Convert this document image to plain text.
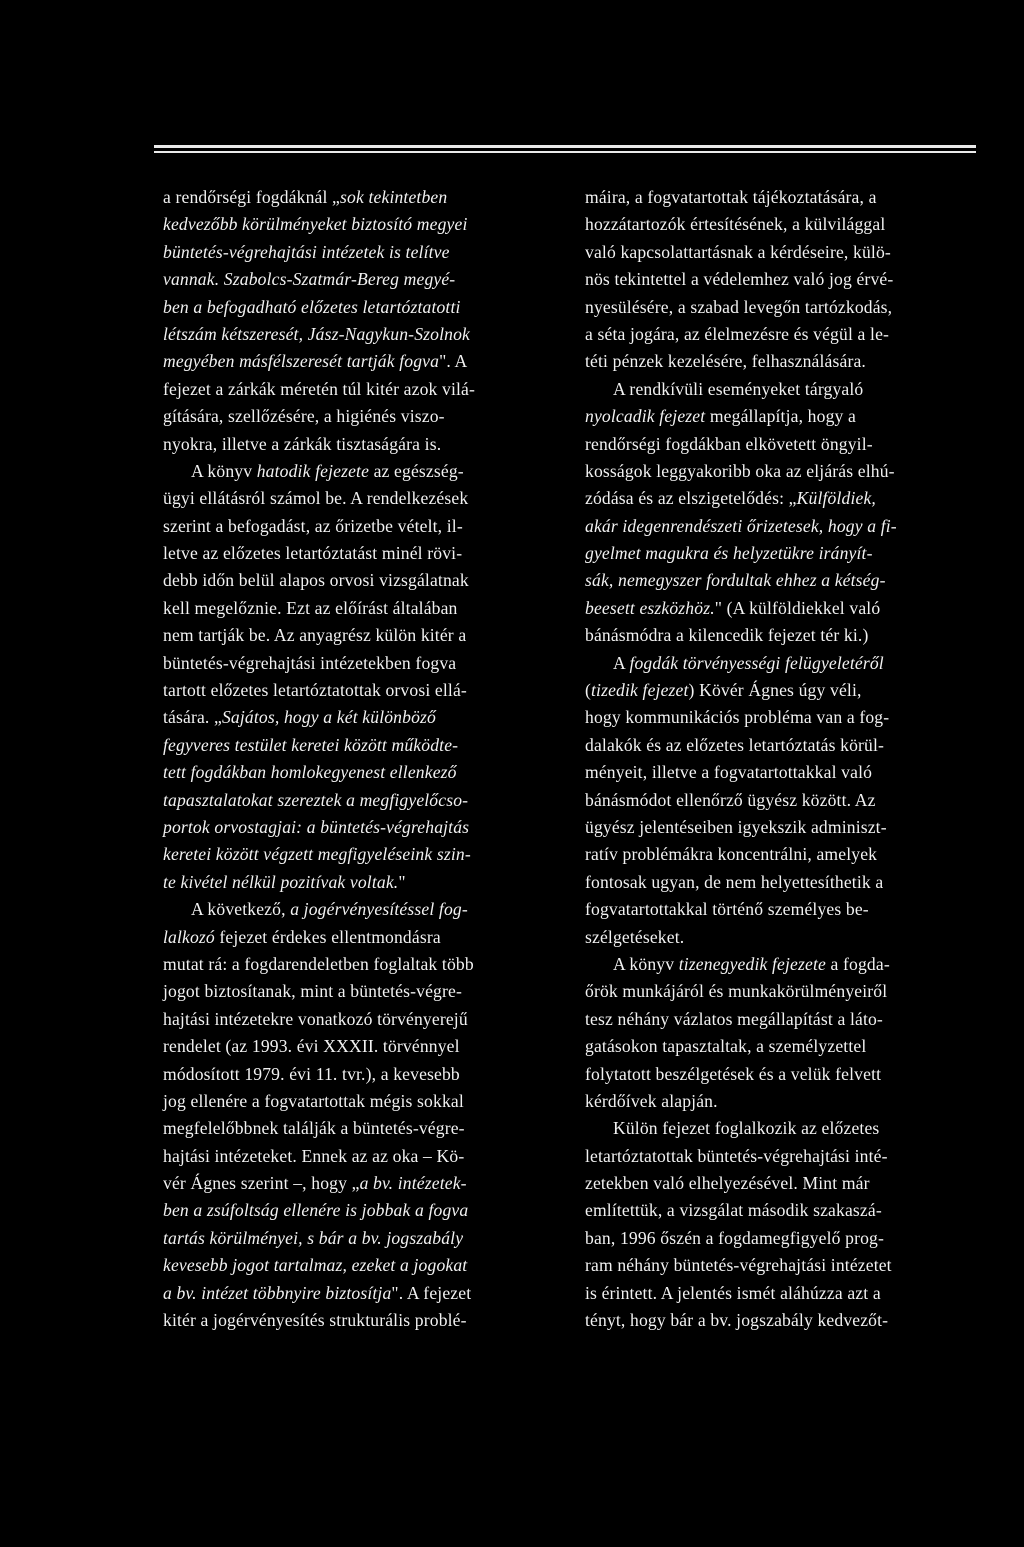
a rendőrségi fogdáknál „sok tekintetben
kedvezőbb körülményeket biztosító megyei
büntetés-végrehajtási intézetek is telítve
vannak. Szabolcs-Szatmár-Bereg megyé-
ben a befogadható előzetes letartóztatotti
létszám kétszeresét, Jász-Nagykun-Szolnok
megyében másfélszeresét tartják fogva". A
fejezet a zárkák méretén túl kitér azok vilá-
gítására, szellőzésére, a higiénés viszo-
nyokra, illetve a zárkák tisztaságára is.
A könyv hatodik fejezete az egészség-
ügyi ellátásról számol be. A rendelkezések
szerint a befogadást, az őrizetbe vételt, il-
letve az előzetes letartóztatást minél rövi-
debb időn belül alapos orvosi vizsgálatnak
kell megelőznie. Ezt az előírást általában
nem tartják be. Az anyagrész külön kitér a
büntetés-végrehajtási intézetekben fogva
tartott előzetes letartóztatottak orvosi ellá-
tására. „Sajátos, hogy a két különböző
fegyveres testület keretei között működte-
tett fogdákban homlokegyenest ellenkező
tapasztalatokat szereztek a megfigyelőcso-
portok orvostagjai: a büntetés-végrehajtás
keretei között végzett megfigyeléseink szin-
te kivétel nélkül pozitívak voltak."
A következő, a jogérvényesítéssel fog-
lalkozó fejezet érdekes ellentmondásra
mutat rá: a fogdarendeletben foglaltak több
jogot biztosítanak, mint a büntetés-végre-
hajtási intézetekre vonatkozó törvényerejű
rendelet (az 1993. évi XXXII. törvénnyel
módosított 1979. évi 11. tvr.), a kevesebb
jog ellenére a fogvatartottak mégis sokkal
megfelelőbbnek találják a büntetés-végre-
hajtási intézeteket. Ennek az az oka – Kö-
vér Ágnes szerint –, hogy „a bv. intézetek-
ben a zsúfoltság ellenére is jobbak a fogva
tartás körülményei, s bár a bv. jogszabály
kevesebb jogot tartalmaz, ezeket a jogokat
a bv. intézet többnyire biztosítja". A fejezet
kitér a jogérvényesítés strukturális problé-
máira, a fogvatartottak tájékoztatására, a
hozzátartozók értesítésének, a külvilággal
való kapcsolattartásnak a kérdéseire, külö-
nös tekintettel a védelemhez való jog érvé-
nyesülésére, a szabad levegőn tartózkodás,
a séta jogára, az élelmezésre és végül a le-
téti pénzek kezelésére, felhasználására.
A rendkívüli eseményeket tárgyaló
nyolcadik fejezet megállapítja, hogy a
rendőrségi fogdákban elkövetett öngyil-
kosságok leggyakoribb oka az eljárás elhú-
zódása és az elszigetelődés: „Külföldiek,
akár idegenrendészeti őrizetesek, hogy a fi-
gyelmet magukra és helyzetükre irányít-
sák, nemegyszer fordultak ehhez a kétség-
beesett eszközhöz." (A külföldiekkel való
bánásmódra a kilencedik fejezet tér ki.)
A fogdák törvényességi felügyeletéről
(tizedik fejezet) Kövér Ágnes úgy véli,
hogy kommunikációs probléma van a fog-
dalakók és az előzetes letartóztatás körül-
ményeit, illetve a fogvatartottakkal való
bánásmódot ellenőrző ügyész között. Az
ügyész jelentéseiben igyekszik adminiszt-
ratív problémákra koncentrálni, amelyek
fontosak ugyan, de nem helyettesíthetik a
fogvatartottakkal történő személyes be-
szélgetéseket.
A könyv tizenegyedik fejezete a fogda-
őrök munkájáról és munkakörülményeiről
tesz néhány vázlatos megállapítást a láto-
gatásokon tapasztaltak, a személyzettel
folytatott beszélgetések és a velük felvett
kérdőívek alapján.
Külön fejezet foglalkozik az előzetes
letartóztatottak büntetés-végrehajtási inté-
zetekben való elhelyezésével. Mint már
említettük, a vizsgálat második szakaszá-
ban, 1996 őszén a fogdamegfigyelő prog-
ram néhány büntetés-végrehajtási intézetet
is érintett. A jelentés ismét aláhúzza azt a
tényt, hogy bár a bv. jogszabály kedvezőt-
